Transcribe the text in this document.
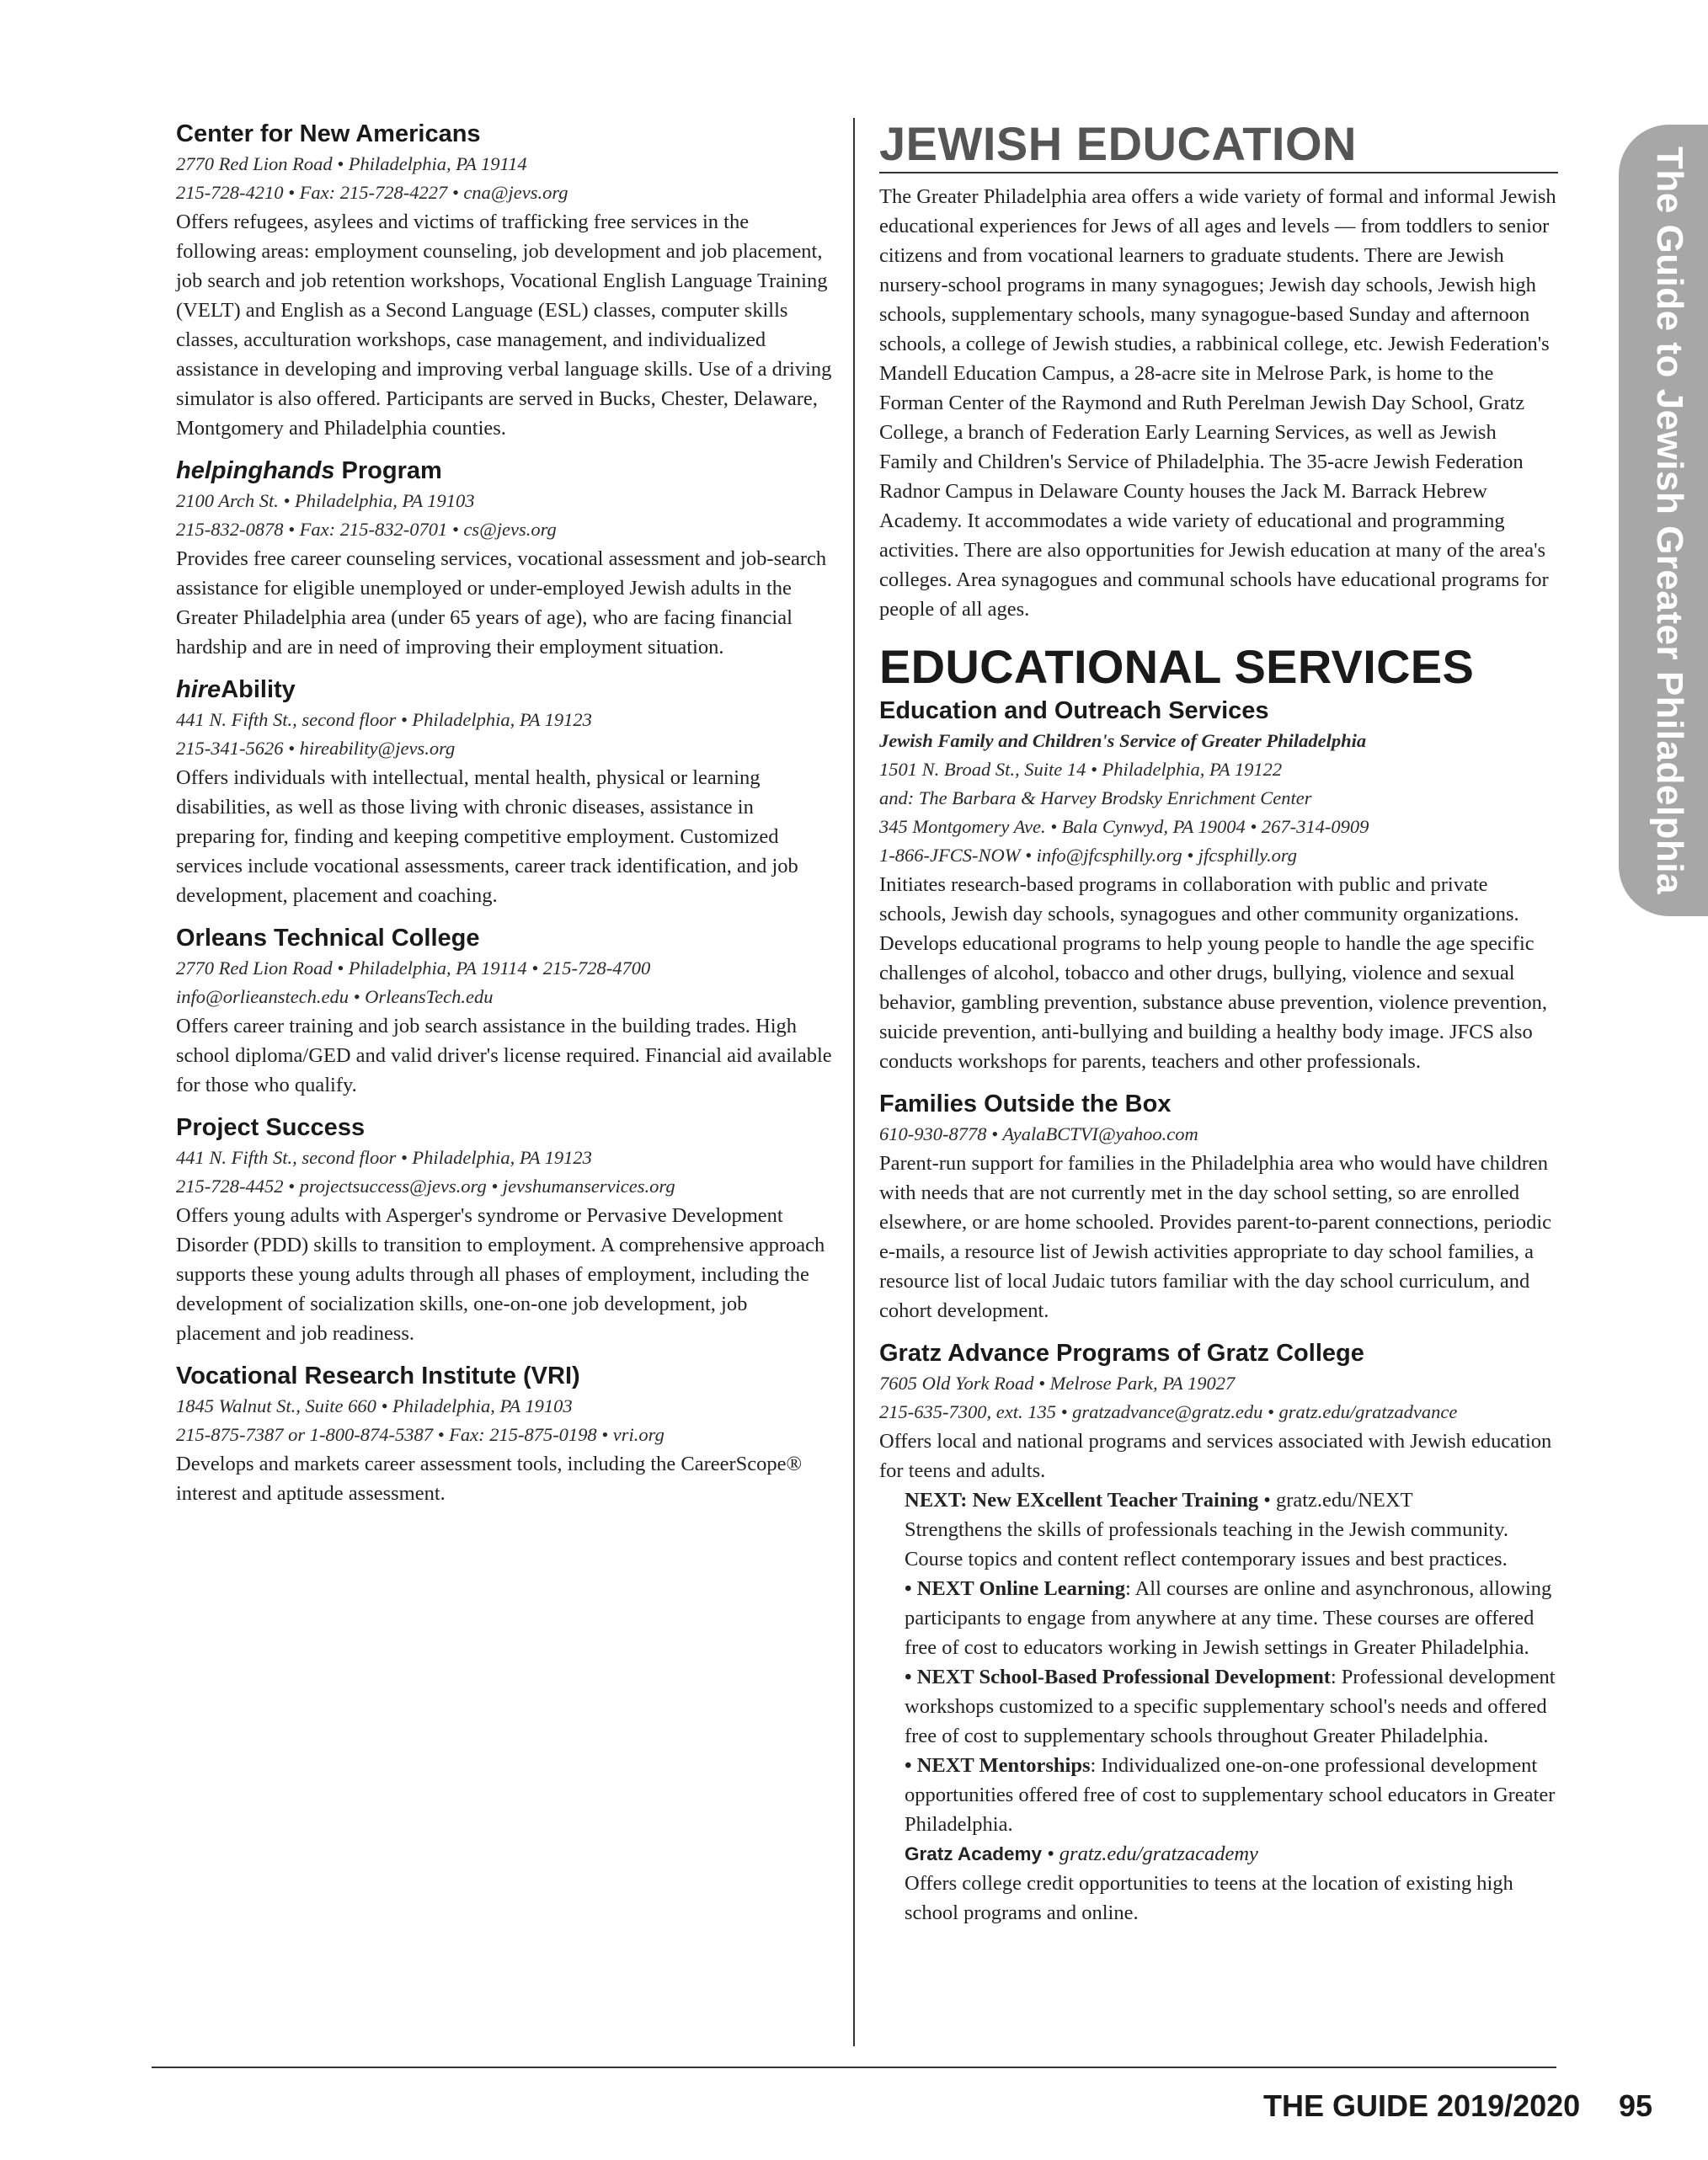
Center for New Americans

2770 Red Lion Road • Philadelphia, PA 19114

215-728-4210 • Fax: 215-728-4227 • cna@jevs.org

Offers refugees, asylees and victims of trafficking free services in the following areas: employment counseling, job development and job placement, job search and job retention workshops, Vocational English Language Training (VELT) and English as a Second Language (ESL) classes, computer skills classes, acculturation workshops, case management, and individualized assistance in developing and improving verbal language skills. Use of a driving simulator is also offered. Participants are served in Bucks, Chester, Delaware, Montgomery and Philadelphia counties.

helpinghands Program

2100 Arch St. • Philadelphia, PA 19103

215-832-0878 • Fax: 215-832-0701 • cs@jevs.org

Provides free career counseling services, vocational assessment and job-search assistance for eligible unemployed or under-employed Jewish adults in the Greater Philadelphia area (under 65 years of age), who are facing financial hardship and are in need of improving their employment situation.

hireAbility

441 N. Fifth St., second floor • Philadelphia, PA 19123

215-341-5626 • hireability@jevs.org

Offers individuals with intellectual, mental health, physical or learning disabilities, as well as those living with chronic diseases, assistance in preparing for, finding and keeping competitive employment. Customized services include vocational assessments, career track identification, and job development, placement and coaching.

Orleans Technical College

2770 Red Lion Road • Philadelphia, PA 19114 • 215-728-4700

info@orlieanstech.edu • OrleansTech.edu

Offers career training and job search assistance in the building trades. High school diploma/GED and valid driver's license required. Financial aid available for those who qualify.

Project Success

441 N. Fifth St., second floor • Philadelphia, PA 19123

215-728-4452 • projectsuccess@jevs.org • jevshumanservices.org

Offers young adults with Asperger's syndrome or Pervasive Development Disorder (PDD) skills to transition to employment. A comprehensive approach supports these young adults through all phases of employment, including the development of socialization skills, one-on-one job development, job placement and job readiness.

Vocational Research Institute (VRI)

1845 Walnut St., Suite 660 • Philadelphia, PA 19103

215-875-7387 or 1-800-874-5387 • Fax: 215-875-0198 • vri.org

Develops and markets career assessment tools, including the CareerScope® interest and aptitude assessment.

JEWISH EDUCATION

The Greater Philadelphia area offers a wide variety of formal and informal Jewish educational experiences for Jews of all ages and levels — from toddlers to senior citizens and from vocational learners to graduate students. There are Jewish nursery-school programs in many synagogues; Jewish day schools, Jewish high schools, supplementary schools, many synagogue-based Sunday and afternoon schools, a college of Jewish studies, a rabbinical college, etc. Jewish Federation's Mandell Education Campus, a 28-acre site in Melrose Park, is home to the Forman Center of the Raymond and Ruth Perelman Jewish Day School, Gratz College, a branch of Federation Early Learning Services, as well as Jewish Family and Children's Service of Philadelphia. The 35-acre Jewish Federation Radnor Campus in Delaware County houses the Jack M. Barrack Hebrew Academy. It accommodates a wide variety of educational and programming activities. There are also opportunities for Jewish education at many of the area's colleges. Area synagogues and communal schools have educational programs for people of all ages.

EDUCATIONAL SERVICES
Education and Outreach Services

Jewish Family and Children's Service of Greater Philadelphia

1501 N. Broad St., Suite 14 • Philadelphia, PA 19122

and: The Barbara & Harvey Brodsky Enrichment Center

345 Montgomery Ave. • Bala Cynwyd, PA 19004 • 267-314-0909

1-866-JFCS-NOW • info@jfcsphilly.org • jfcsphilly.org

Initiates research-based programs in collaboration with public and private schools, Jewish day schools, synagogues and other community organizations. Develops educational programs to help young people to handle the age specific challenges of alcohol, tobacco and other drugs, bullying, violence and sexual behavior, gambling prevention, substance abuse prevention, violence prevention, suicide prevention, anti-bullying and building a healthy body image. JFCS also conducts workshops for parents, teachers and other professionals.

Families Outside the Box

610-930-8778 • AyalaBCTVI@yahoo.com

Parent-run support for families in the Philadelphia area who would have children with needs that are not currently met in the day school setting, so are enrolled elsewhere, or are home schooled. Provides parent-to-parent connections, periodic e-mails, a resource list of Jewish activities appropriate to day school families, a resource list of local Judaic tutors familiar with the day school curriculum, and cohort development.

Gratz Advance Programs of Gratz College

7605 Old York Road • Melrose Park, PA 19027

215-635-7300, ext. 135 • gratzadvance@gratz.edu • gratz.edu/gratzadvance

Offers local and national programs and services associated with Jewish education for teens and adults.

NEXT: New EXcellent Teacher Training • gratz.edu/NEXT

Strengthens the skills of professionals teaching in the Jewish community. Course topics and content reflect contemporary issues and best practices.

• NEXT Online Learning: All courses are online and asynchronous, allowing participants to engage from anywhere at any time. These courses are offered free of cost to educators working in Jewish settings in Greater Philadelphia.

• NEXT School-Based Professional Development: Professional development workshops customized to a specific supplementary school's needs and offered free of cost to supplementary schools throughout Greater Philadelphia.

• NEXT Mentorships: Individualized one-on-one professional development opportunities offered free of cost to supplementary school educators in Greater Philadelphia.

Gratz Academy • gratz.edu/gratzacademy

Offers college credit opportunities to teens at the location of existing high school programs and online.

The Guide to Jewish Greater Philadelphia
THE GUIDE 2019/2020 95
